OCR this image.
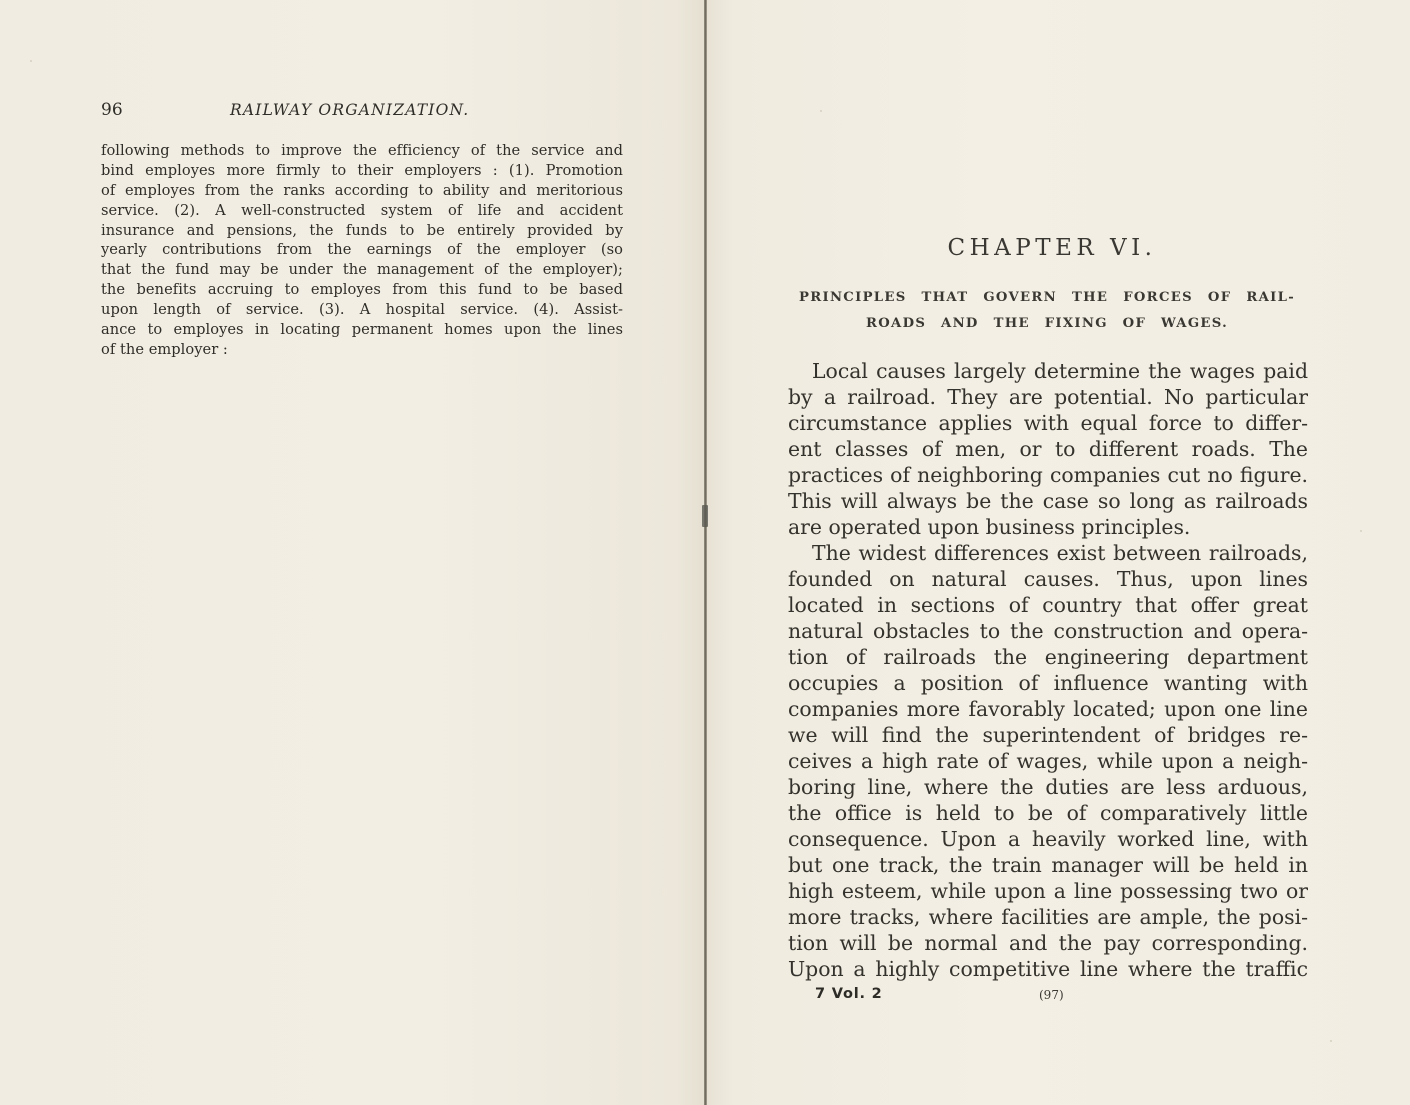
96	RAILWAY ORGANIZATION.
following methods to improve the efficiency of the service and
bind employes more firmly to their employers : (1). Promotion
of employes from the ranks according to ability and meritorious
service. (2). A well-constructed system of life and accident
insurance and pensions, the funds to be entirely provided by
yearly contributions from the earnings of the employer (so
that the fund may be under the management of the employer);
the benefits accruing to employes from this fund to be based
upon length of service. (3). A hospital service. (4). Assist-
ance to employes in locating permanent homes upon the lines
of the employer :
CHAPTER VI.
PRINCIPLES THAT GOVERN THE FORCES OF RAIL-
ROADS AND THE FIXING OF WAGES.
Local causes largely determine the wages paid
by a railroad. They are potential. No particular
circumstance applies with equal force to differ-
ent classes of men, or to different roads. The
practices of neighboring companies cut no figure.
This will always be the case so long as railroads
are operated upon business principles.
The widest differences exist between railroads,
founded on natural causes. Thus, upon lines
located in sections of country that offer great
natural obstacles to the construction and opera-
tion of railroads the engineering department
occupies a position of influence wanting with
companies more favorably located; upon one line
we will find the superintendent of bridges re-
ceives a high rate of wages, while upon a neigh-
boring line, where the duties are less arduous,
the office is held to be of comparatively little
consequence. Upon a heavily worked line, with
but one track, the train manager will be held in
high esteem, while upon a line possessing two or
more tracks, where facilities are ample, the posi-
tion will be normal and the pay corresponding.
Upon a highly competitive line where the traffic
7 Vol. 2	(97)
